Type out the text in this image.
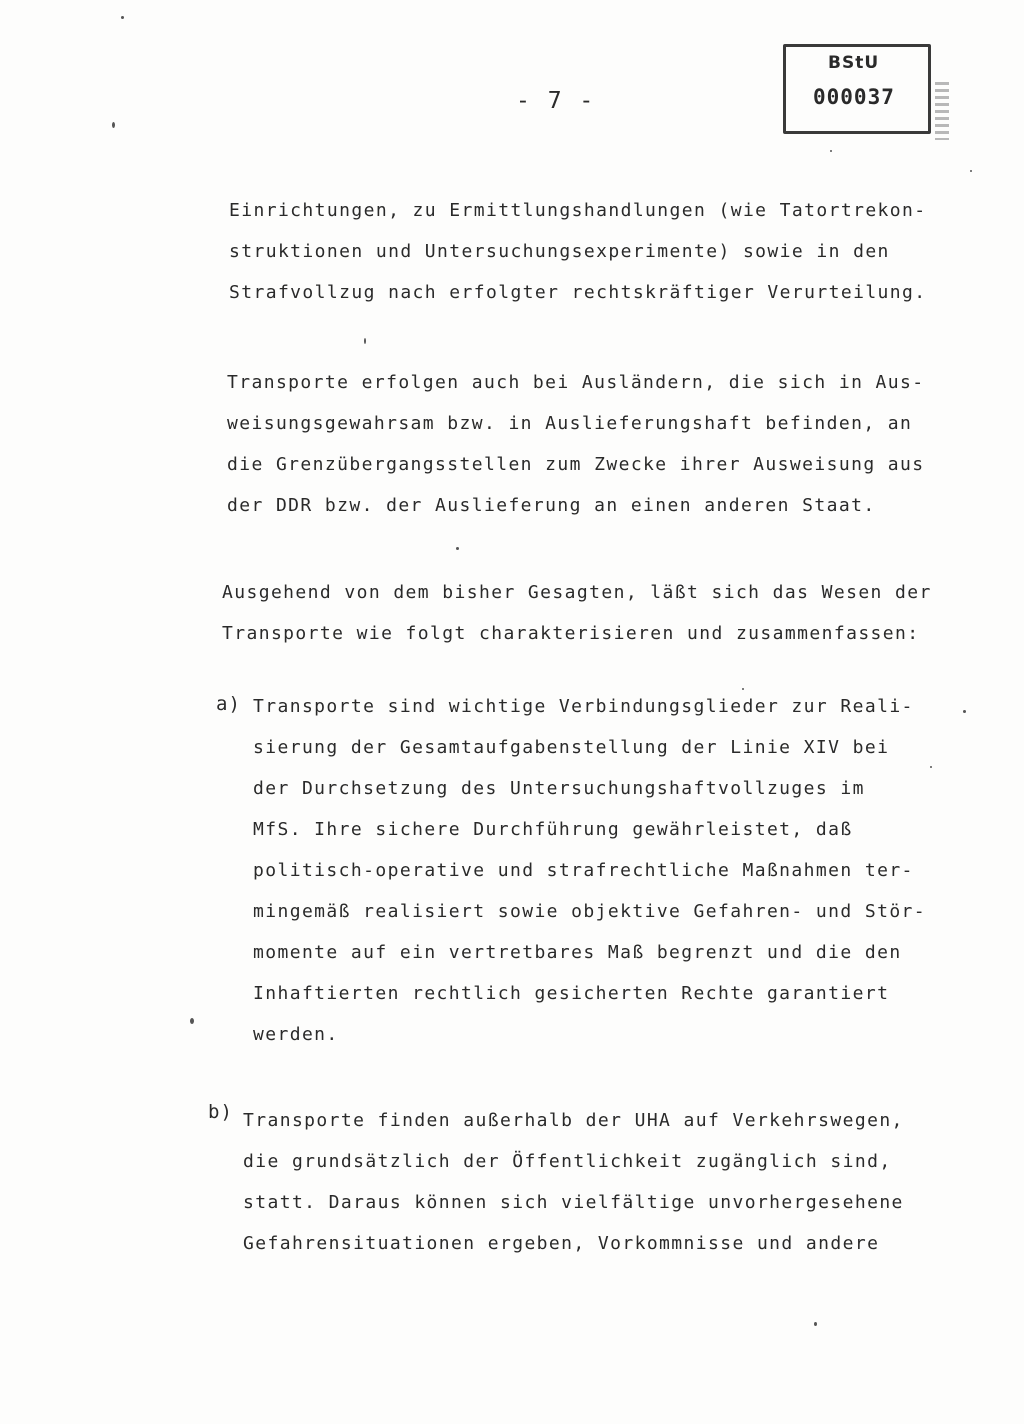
- 7 -
BStU
000037
Einrichtungen, zu Ermittlungshandlungen (wie Tatortrekon-
struktionen und Untersuchungsexperimente) sowie in den
Strafvollzug nach erfolgter rechtskräftiger Verurteilung.
Transporte erfolgen auch bei Ausländern, die sich in Aus-
weisungsgewahrsam bzw. in Auslieferungshaft befinden, an
die Grenzübergangsstellen zum Zwecke ihrer Ausweisung aus
der DDR bzw. der Auslieferung an einen anderen Staat.
Ausgehend von dem bisher Gesagten, läßt sich das Wesen der
Transporte wie folgt charakterisieren und zusammenfassen:
a) Transporte sind wichtige Verbindungsglieder zur Reali-
sierung der Gesamtaufgabenstellung der Linie XIV bei
der Durchsetzung des Untersuchungshaftvollzuges im
MfS. Ihre sichere Durchführung gewährleistet, daß
politisch-operative und strafrechtliche Maßnahmen ter-
mingemäß realisiert sowie objektive Gefahren- und Stör-
momente auf ein vertretbares Maß begrenzt und die den
Inhaftierten rechtlich gesicherten Rechte garantiert
werden.
b) Transporte finden außerhalb der UHA auf Verkehrswegen,
die grundsätzlich der Öffentlichkeit zugänglich sind,
statt. Daraus können sich vielfältige unvorhergesehene
Gefahrensituationen ergeben, Vorkommnisse und andere
